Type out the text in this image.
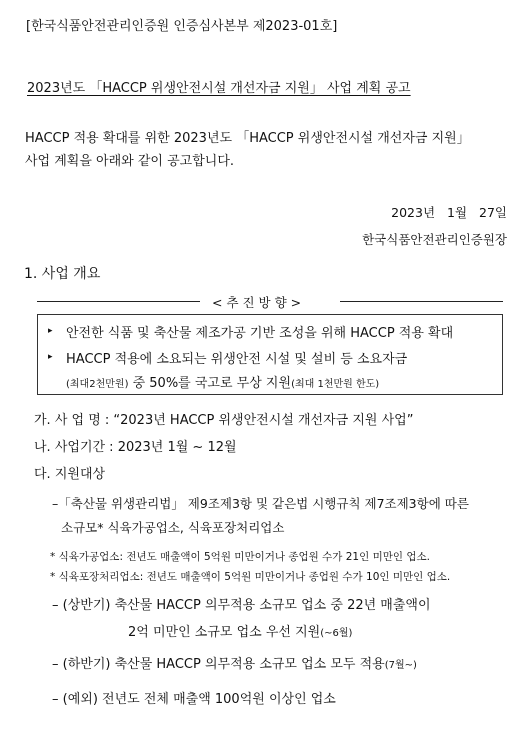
[한국식품안전관리인증원 인증심사본부 제2023-01호]
2023년도 「HACCP 위생안전시설 개선자금 지원」 사업 계획 공고
HACCP 적용 확대를 위한 2023년도 「HACCP 위생안전시설 개선자금 지원」
사업 계획을 아래와 같이 공고합니다.
2023년 1월 27일
한국식품안전관리인증원장
1. 사업 개요
< 추 진 방 향 >
▸ 안전한 식품 및 축산물 제조가공 기반 조성을 위해 HACCP 적용 확대
▸ HACCP 적용에 소요되는 위생안전 시설 및 설비 등 소요자금
(최대2천만원) 중 50%를 국고로 무상 지원(최대 1천만원 한도)
가. 사 업 명 : “2023년 HACCP 위생안전시설 개선자금 지원 사업”
나. 사업기간 : 2023년 1월 ~ 12월
다. 지원대상
–「축산물 위생관리법」 제9조제3항 및 같은법 시행규칙 제7조제3항에 따른
소규모* 식육가공업소, 식육포장처리업소
* 식육가공업소: 전년도 매출액이 5억원 미만이거나 종업원 수가 21인 미만인 업소.
* 식육포장처리업소: 전년도 매출액이 5억원 미만이거나 종업원 수가 10인 미만인 업소.
– (상반기) 축산물 HACCP 의무적용 소규모 업소 중 22년 매출액이
2억 미만인 소규모 업소 우선 지원(~6월)
– (하반기) 축산물 HACCP 의무적용 소규모 업소 모두 적용(7월~)
– (예외) 전년도 전체 매출액 100억원 이상인 업소
